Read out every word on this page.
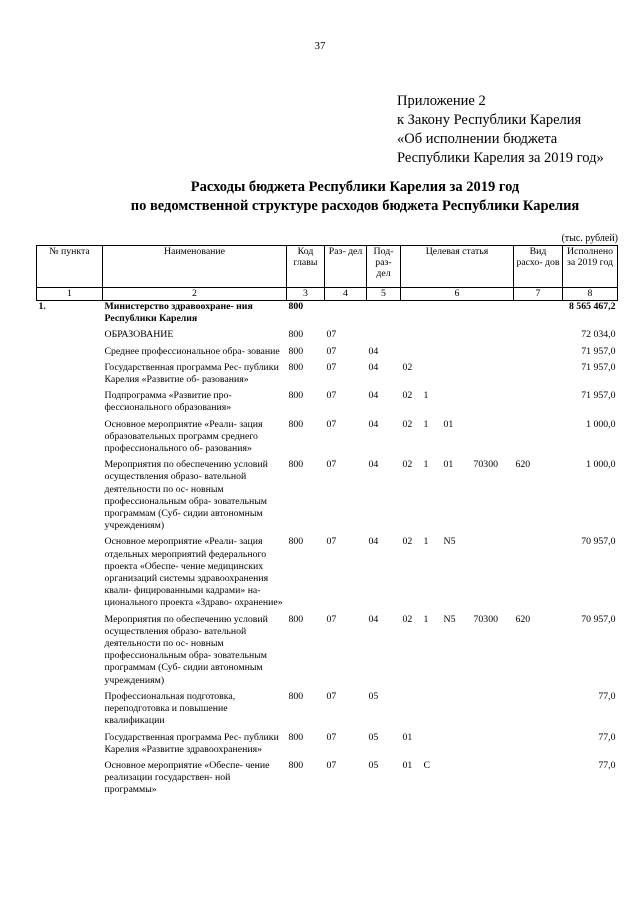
37
Приложение 2
к Закону Республики Карелия
«Об исполнении бюджета
Республики Карелия за 2019 год»
Расходы бюджета Республики Карелия за 2019 год
по ведомственной структуре расходов бюджета Республики Карелия
(тыс. рублей)
№ пункта	Наименование	Код главы	Раз- дел	Под- раз- дел	Целевая статья				Вид расхо- дов	Исполнено за 2019 год
1	2	3	4	5	6				7	8
1.	Министерство здравоохране- ния Республики Карелия	800								8 565 467,2
	ОБРАЗОВАНИЕ	800	07							72 034,0
	Среднее профессиональное обра- зование	800	07	04						71 957,0
	Государственная программа Рес- публики Карелия «Развитие об- разования»	800	07	04	02					71 957,0
	Подпрограмма «Развитие про- фессионального образования»	800	07	04	02	1				71 957,0
	Основное мероприятие «Реали- зация образовательных программ среднего профессионального об- разования»	800	07	04	02	1	01			1 000,0
	Мероприятия по обеспечению условий осуществления образо- вательной деятельности по ос- новным профессиональным обра- зовательным программам (Суб- сидии автономным учреждениям)	800	07	04	02	1	01	70300	620	1 000,0
	Основное мероприятие «Реали- зация отдельных мероприятий федерального проекта «Обеспе- чение медицинских организаций системы здравоохранения квали- фицированными кадрами» на- ционального проекта «Здраво- охранение»	800	07	04	02	1	N5			70 957,0
	Мероприятия по обеспечению условий осуществления образо- вательной деятельности по ос- новным профессиональным обра- зовательным программам (Суб- сидии автономным учреждениям)	800	07	04	02	1	N5	70300	620	70 957,0
	Профессиональная подготовка, переподготовка и повышение квалификации	800	07	05						77,0
	Государственная программа Рес- публики Карелия «Развитие здравоохранения»	800	07	05	01					77,0
	Основное мероприятие «Обеспе- чение реализации государствен- ной программы»	800	07	05	01	С				77,0
